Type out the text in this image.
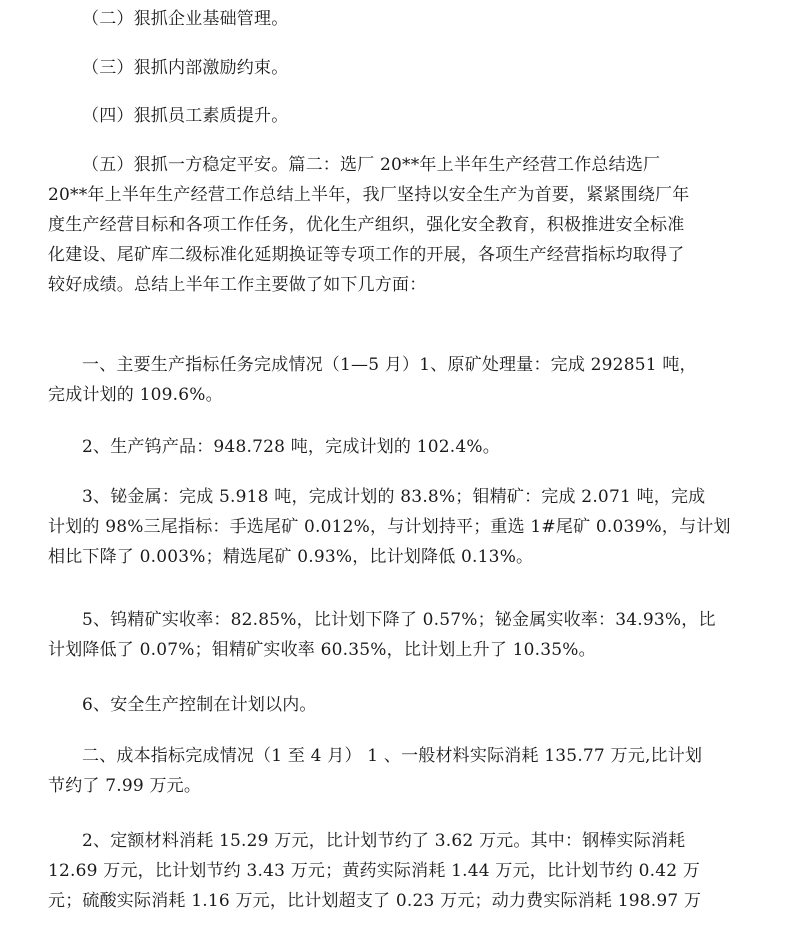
（二）狠抓企业基础管理。
（三）狠抓内部激励约束。
（四）狠抓员工素质提升。
（五）狠抓一方稳定平安。篇二：选厂 20**年上半年生产经营工作总结选厂
20**年上半年生产经营工作总结上半年，我厂坚持以安全生产为首要，紧紧围绕厂年
度生产经营目标和各项工作任务，优化生产组织，强化安全教育，积极推进安全标准
化建设、尾矿库二级标准化延期换证等专项工作的开展，各项生产经营指标均取得了
较好成绩。总结上半年工作主要做了如下几方面：
一、主要生产指标任务完成情况（1—5 月）1、原矿处理量：完成 292851 吨，
完成计划的 109.6%。
2、生产钨产品：948.728 吨，完成计划的 102.4%。
3、铋金属：完成 5.918 吨，完成计划的 83.8%；钼精矿：完成 2.071 吨，完成
计划的 98%三尾指标：手选尾矿 0.012%，与计划持平；重选 1#尾矿 0.039%，与计划
相比下降了 0.003%；精选尾矿 0.93%，比计划降低 0.13%。
5、钨精矿实收率：82.85%，比计划下降了 0.57%；铋金属实收率：34.93%，比
计划降低了 0.07%；钼精矿实收率 60.35%，比计划上升了 10.35%。
6、安全生产控制在计划以内。
二、成本指标完成情况（1 至 4 月） 1 、一般材料实际消耗 135.77 万元,比计划
节约了 7.99 万元。
2、定额材料消耗 15.29 万元，比计划节约了 3.62 万元。其中：钢棒实际消耗
12.69 万元，比计划节约 3.43 万元；黄药实际消耗 1.44 万元，比计划节约 0.42 万
元；硫酸实际消耗 1.16 万元，比计划超支了 0.23 万元；动力费实际消耗 198.97 万
